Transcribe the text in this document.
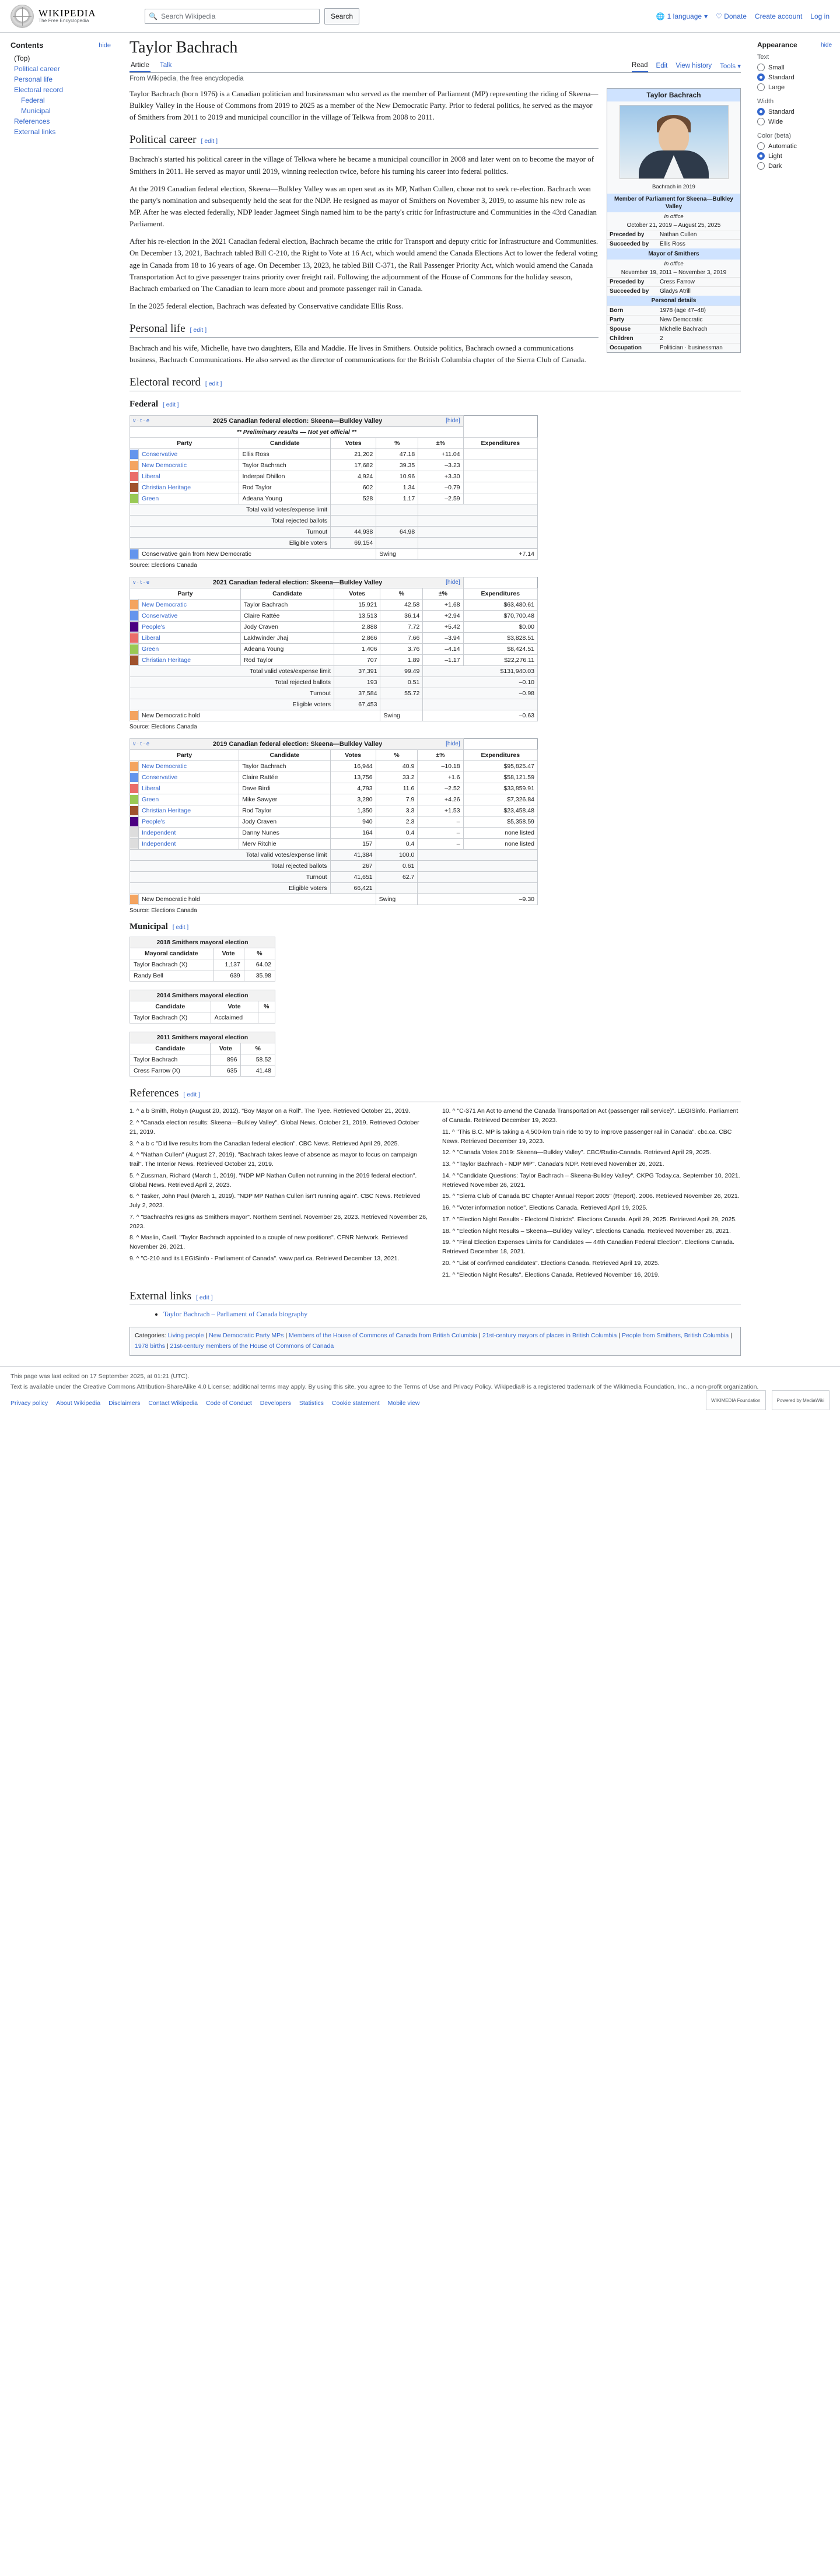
WIKIPEDIA
The Free Encyclopedia
🔍 Search Wikipedia	Search	🌐 1 language ▾ ♡ Donate Create account Log in
Contents	hide
(Top)
Political career
Personal life
Electoral record
Federal
Municipal
References
External links
Taylor Bachrach
Article Talk	Read Edit View history Tools ▾
From Wikipedia, the free encyclopedia
Taylor Bachrach
Bachrach in 2019
Member of Parliament for Skeena—Bulkley Valley
In office
October 21, 2019 – August 25, 2025
Preceded by	Nathan Cullen
Succeeded by	Ellis Ross
Mayor of Smithers
In office
November 19, 2011 – November 3, 2019
Preceded by	Cress Farrow
Succeeded by	Gladys Atrill
Personal details
Born	1978 (age 47–48)
Party	New Democratic
Spouse	Michelle Bachrach
Children	2
Occupation	Politician · businessman

Taylor Bachrach (born 1976) is a Canadian politician and businessman who served as the member of Parliament (MP) representing the riding of Skeena—Bulkley Valley in the House of Commons from 2019 to 2025 as a member of the New Democratic Party. Prior to federal politics, he served as the mayor of Smithers from 2011 to 2019 and municipal councillor in the village of Telkwa from 2008 to 2011.

Political career [ edit ]

Bachrach's started his political career in the village of Telkwa where he became a municipal councillor in 2008 and later went on to become the mayor of Smithers in 2011. He served as mayor until 2019, winning reelection twice, before his turning his career into federal politics.

At the 2019 Canadian federal election, Skeena—Bulkley Valley was an open seat as its MP, Nathan Cullen, chose not to seek re-election. Bachrach won the party's nomination and subsequently held the seat for the NDP. He resigned as mayor of Smithers on November 3, 2019, to assume his new role as MP. After he was elected federally, NDP leader Jagmeet Singh named him to be the party's critic for Infrastructure and Communities in the 43rd Canadian Parliament.

After his re-election in the 2021 Canadian federal election, Bachrach became the critic for Transport and deputy critic for Infrastructure and Communities. On December 13, 2021, Bachrach tabled Bill C-210, the Right to Vote at 16 Act, which would amend the Canada Elections Act to lower the federal voting age in Canada from 18 to 16 years of age. On December 13, 2023, he tabled Bill C-371, the Rail Passenger Priority Act, which would amend the Canada Transportation Act to give passenger trains priority over freight rail. Following the adjournment of the House of Commons for the holiday season, Bachrach embarked on The Canadian to learn more about and promote passenger rail in Canada.

In the 2025 federal election, Bachrach was defeated by Conservative candidate Ellis Ross.

Personal life [ edit ]

Bachrach and his wife, Michelle, have two daughters, Ella and Maddie. He lives in Smithers. Outside politics, Bachrach owned a communications business, Bachrach Communications. He also served as the director of communications for the British Columbia chapter of the Sierra Club of Canada.

Electoral record [ edit ]
Federal [ edit ]
v · t · e [hide]
2025 Canadian federal election: Skeena—Bulkley Valley						
** Preliminary results — Not yet official **						
Party		Candidate	Votes	%	±%	Expenditures

	Conservative	Ellis Ross	21,202	47.18	+11.04	

	New Democratic	Taylor Bachrach	17,682	39.35	–3.23	

	Liberal	Inderpal Dhillon	4,924	10.96	+3.30	

	Christian Heritage	Rod Taylor	602	1.34	–0.79	

	Green	Adeana Young	528	1.17	–2.59	
Total valid votes/expense limit						
Total rejected ballots						
Turnout			44,938	64.98		
Eligible voters			69,154			

	Conservative gain from New Democratic			Swing	+7.14	
Source: Elections Canada
v · t · e [hide]
2021 Canadian federal election: Skeena—Bulkley Valley						
Party		Candidate	Votes	%	±%	Expenditures

	New Democratic	Taylor Bachrach	15,921	42.58	+1.68	$63,480.61

	Conservative	Claire Rattée	13,513	36.14	+2.94	$70,700.48

	People's	Jody Craven	2,888	7.72	+5.42	$0.00

	Liberal	Lakhwinder Jhaj	2,866	7.66	–3.94	$3,828.51

	Green	Adeana Young	1,406	3.76	–4.14	$8,424.51

	Christian Heritage	Rod Taylor	707	1.89	–1.17	$22,276.11
Total valid votes/expense limit			37,391	99.49	$131,940.03	
Total rejected ballots			193	0.51	–0.10	
Turnout			37,584	55.72	–0.98	
Eligible voters			67,453			

	New Democratic hold			Swing	–0.63	
Source: Elections Canada
v · t · e [hide]
2019 Canadian federal election: Skeena—Bulkley Valley						
Party		Candidate	Votes	%	±%	Expenditures

	New Democratic	Taylor Bachrach	16,944	40.9	–10.18	$95,825.47

	Conservative	Claire Rattée	13,756	33.2	+1.6	$58,121.59

	Liberal	Dave Birdi	4,793	11.6	–2.52	$33,859.91

	Green	Mike Sawyer	3,280	7.9	+4.26	$7,326.84

	Christian Heritage	Rod Taylor	1,350	3.3	+1.53	$23,458.48

	People's	Jody Craven	940	2.3	–	$5,358.59

	Independent	Danny Nunes	164	0.4	–	none listed

	Independent	Merv Ritchie	157	0.4	–	none listed
Total valid votes/expense limit			41,384	100.0		
Total rejected ballots			267	0.61		
Turnout			41,651	62.7		
Eligible voters			66,421			

	New Democratic hold			Swing	–9.30	
Source: Elections Canada
Municipal [ edit ]
2018 Smithers mayoral election		
Mayoral candidate	Vote	%
Taylor Bachrach (X)	1,137	64.02
Randy Bell	639	35.98
2014 Smithers mayoral election		
Candidate	Vote	%
Taylor Bachrach (X)	Acclaimed	
2011 Smithers mayoral election		
Candidate	Vote	%
Taylor Bachrach	896	58.52
Cress Farrow (X)	635	41.48
References [ edit ]
1. ^ a b Smith, Robyn (August 20, 2012). "Boy Mayor on a Roll". The Tyee. Retrieved October 21, 2019.
2. ^ "Canada election results: Skeena—Bulkley Valley". Global News. October 21, 2019. Retrieved October 21, 2019.
3. ^ a b c "Did live results from the Canadian federal election". CBC News. Retrieved April 29, 2025.
4. ^ "Nathan Cullen" (August 27, 2019). "Bachrach takes leave of absence as mayor to focus on campaign trail". The Interior News. Retrieved October 21, 2019.
5. ^ Zussman, Richard (March 1, 2019). "NDP MP Nathan Cullen not running in the 2019 federal election". Global News. Retrieved April 2, 2023.
6. ^ Tasker, John Paul (March 1, 2019). "NDP MP Nathan Cullen isn't running again". CBC News. Retrieved July 2, 2023.
7. ^ "Bachrach's resigns as Smithers mayor". Northern Sentinel. November 26, 2023. Retrieved November 26, 2023.
8. ^ Maslin, Caell. "Taylor Bachrach appointed to a couple of new positions". CFNR Network. Retrieved November 26, 2021.
9. ^ "C-210 and its LEGISinfo - Parliament of Canada". www.parl.ca. Retrieved December 13, 2021.
10. ^ "C-371 An Act to amend the Canada Transportation Act (passenger rail service)". LEGISinfo. Parliament of Canada. Retrieved December 19, 2023.
11. ^ "This B.C. MP is taking a 4,500-km train ride to try to improve passenger rail in Canada". cbc.ca. CBC News. Retrieved December 19, 2023.
12. ^ "Canada Votes 2019: Skeena—Bulkley Valley". CBC/Radio-Canada. Retrieved April 29, 2025.
13. ^ "Taylor Bachrach - NDP MP". Canada's NDP. Retrieved November 26, 2021.
14. ^ "Candidate Questions: Taylor Bachrach – Skeena-Bulkley Valley". CKPG Today.ca. September 10, 2021. Retrieved November 26, 2021.
15. ^ "Sierra Club of Canada BC Chapter Annual Report 2005" (Report). 2006. Retrieved November 26, 2021.
16. ^ "Voter information notice". Elections Canada. Retrieved April 19, 2025.
17. ^ "Election Night Results - Electoral Districts". Elections Canada. April 29, 2025. Retrieved April 29, 2025.
18. ^ "Election Night Results – Skeena—Bulkley Valley". Elections Canada. Retrieved November 26, 2021.
19. ^ "Final Election Expenses Limits for Candidates — 44th Canadian Federal Election". Elections Canada. Retrieved December 18, 2021.
20. ^ "List of confirmed candidates". Elections Canada. Retrieved April 19, 2025.
21. ^ "Election Night Results". Elections Canada. Retrieved November 16, 2019.
External links [ edit ]
• Taylor Bachrach – Parliament of Canada biography
Categories: Living people | New Democratic Party MPs | Members of the House of Commons of Canada from British Columbia | 21st-century mayors of places in British Columbia | People from Smithers, British Columbia | 1978 births | 21st-century members of the House of Commons of Canada
Appearance	hide
Text
Small
Standard
Large
Width
Standard
Wide
Color (beta)
Automatic
Light
Dark
This page was last edited on 17 September 2025, at 01:21 (UTC).
Text is available under the Creative Commons Attribution-ShareAlike 4.0 License; additional terms may apply. By using this site, you agree to the Terms of Use and Privacy Policy. Wikipedia® is a registered trademark of the Wikimedia Foundation, Inc., a non-profit organization.
Privacy policy About Wikipedia Disclaimers Contact Wikipedia Code of Conduct Developers Statistics Cookie statement Mobile view	WIKIMEDIA Foundation	Powered by MediaWiki
